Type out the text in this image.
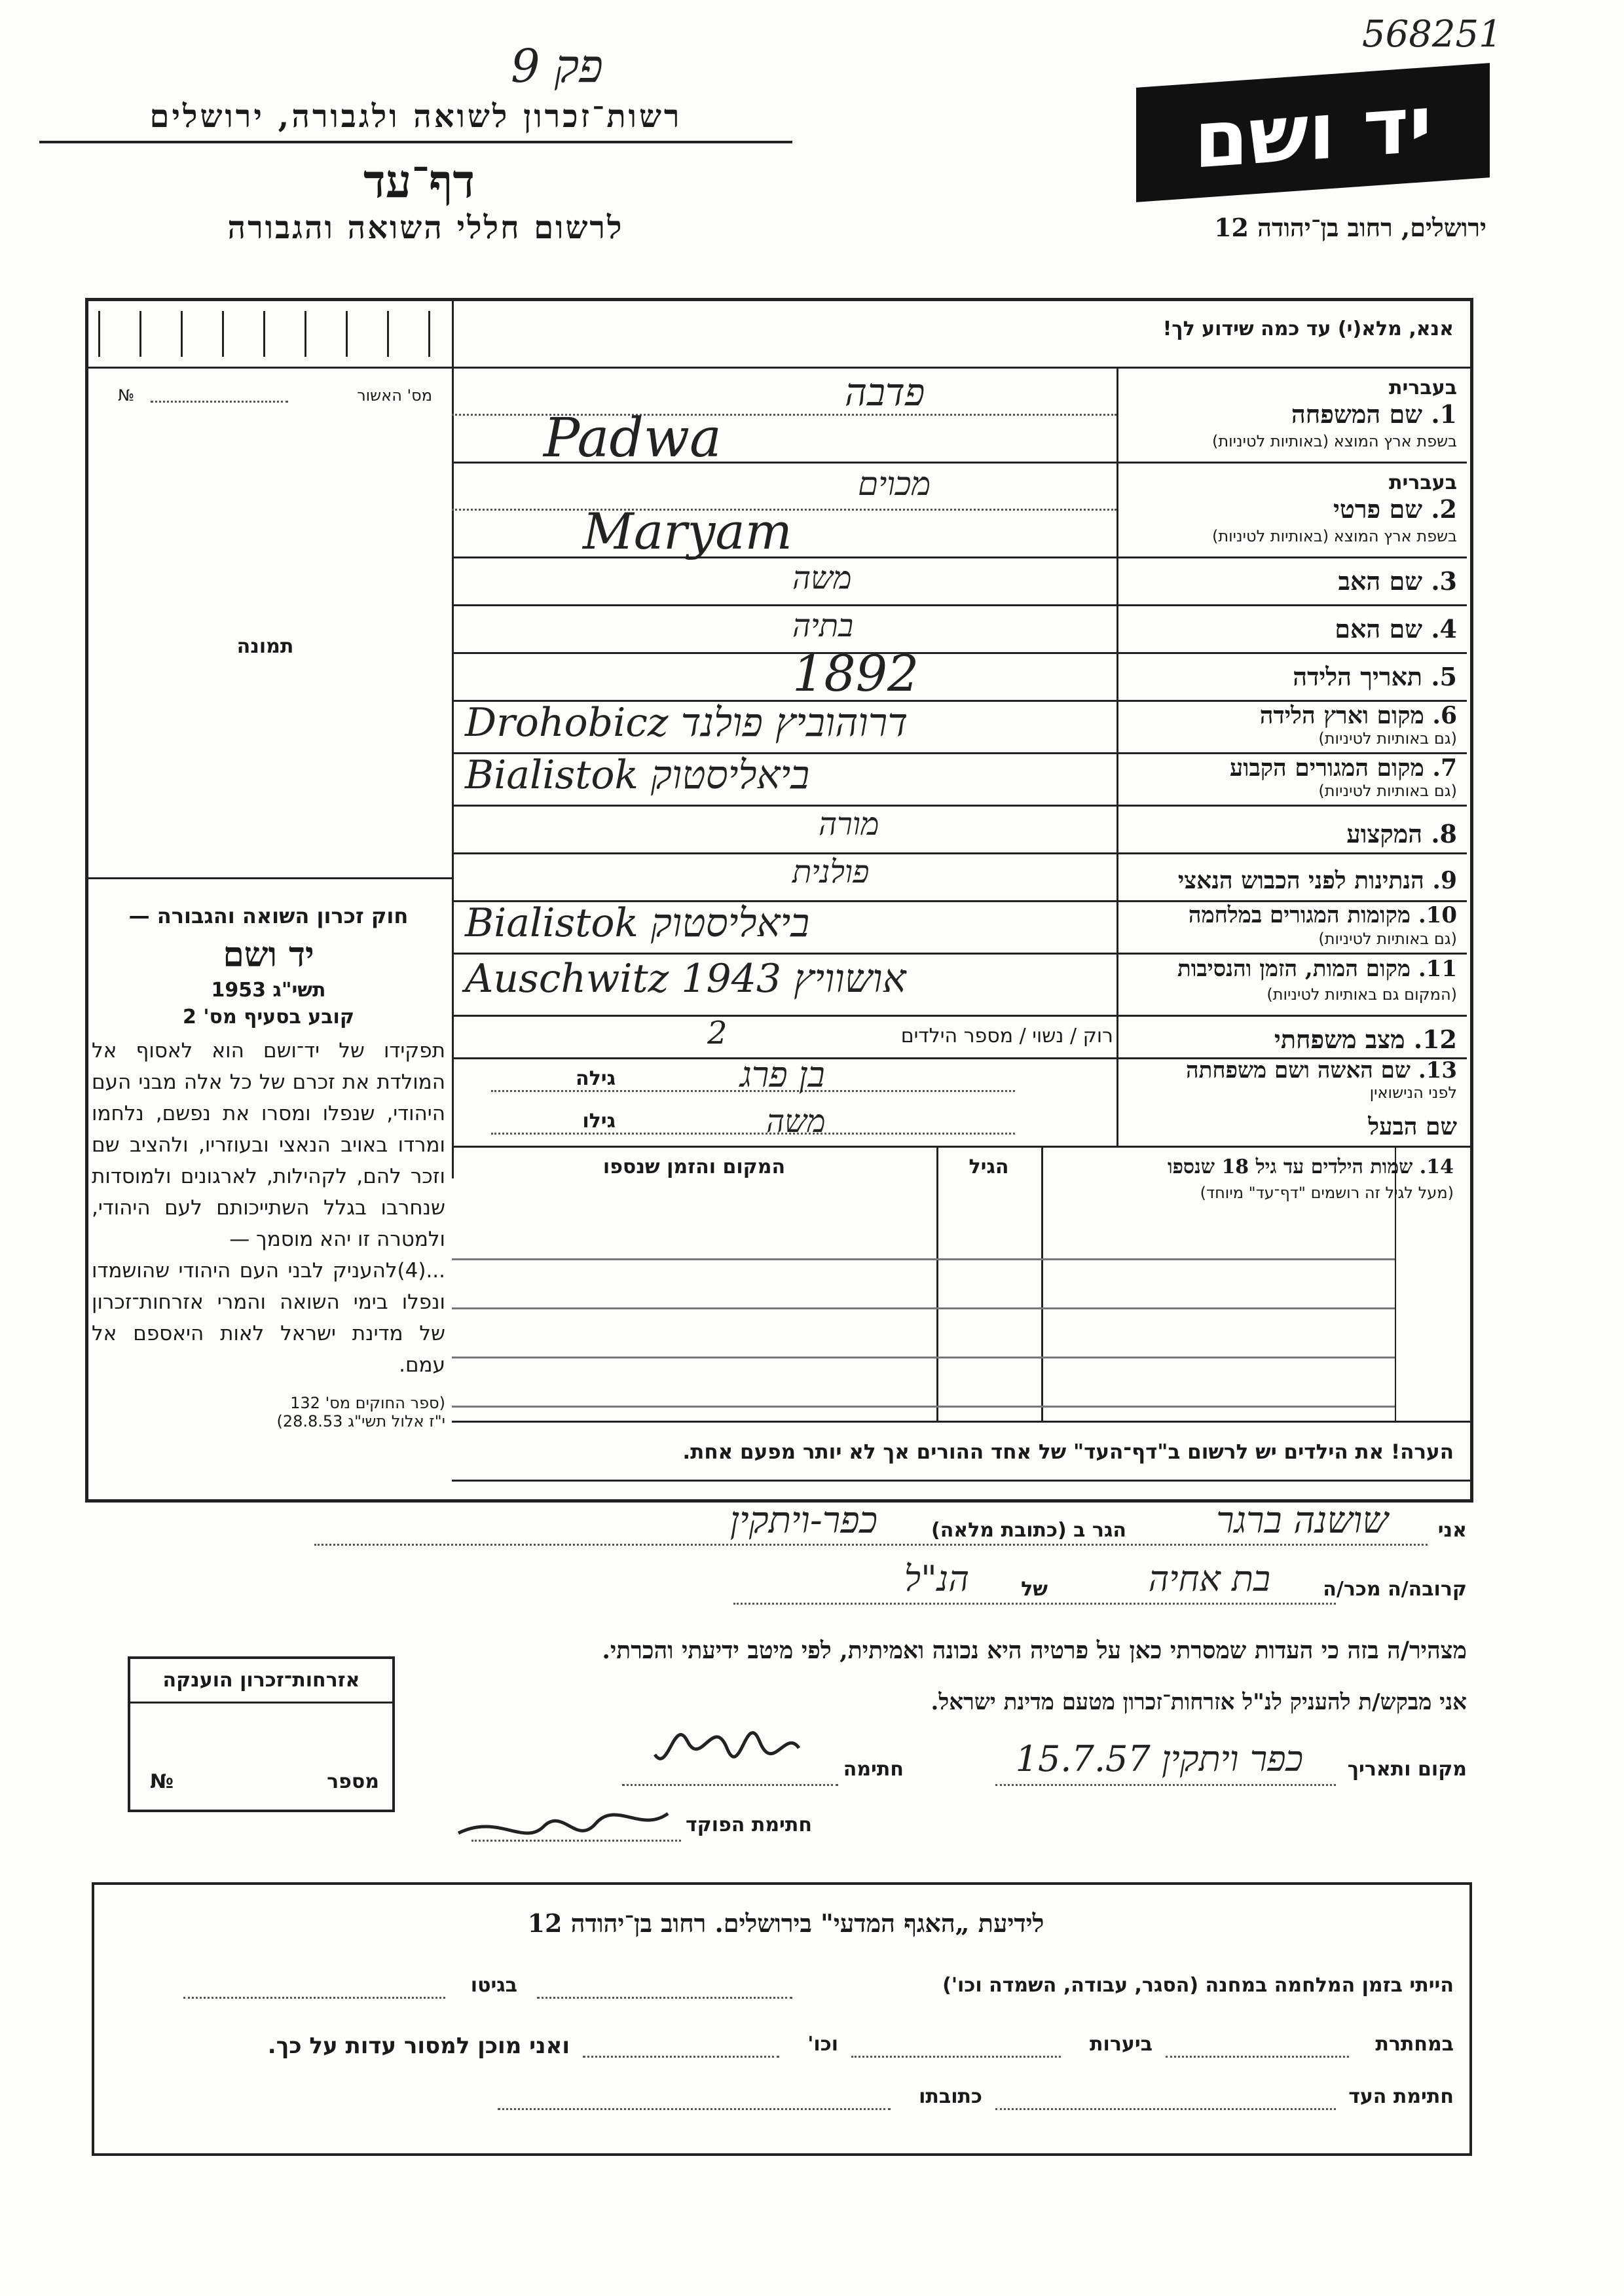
568251
פק 9
רשות־זכרון לשואה ולגבורה, ירושלים
דף־עד
לרשום חללי השואה והגבורה
יד ושם
ירושלים, רחוב בן־יהודה 12
אנא, מלא(י) עד כמה שידוע לך!
מס' האשור
№
תמונה
פדבה
Padwa
בעברית
1. שם המשפחה
בשפת ארץ המוצא (באותיות לטיניות)
מכוים
Maryam
בעברית
2. שם פרטי
בשפת ארץ המוצא (באותיות לטיניות)
משה	3. שם האב
בתיה	4. שם האם
1892	5. תאריך הלידה
Drohobicz דרוהוביץ פולנד	6. מקום וארץ הלידה
(גם באותיות לטיניות)
Bialistok ביאליסטוק	7. מקום המגורים הקבוע
(גם באותיות לטיניות)
מורה	8. המקצוע
פולנית	9. הנתינות לפני הכבוש הנאצי
Bialistok ביאליסטוק	10. מקומות המגורים במלחמה
(גם באותיות לטיניות)
Auschwitz 1943 אושוויץ	11. מקום המות, הזמן והנסיבות
(המקום גם באותיות לטיניות)
רוק / נשוי / מספר הילדים
2	12. מצב משפחתי
גילה	בן פרג	13. שם האשה ושם משפחתה
לפני הנישואין
גילו	משה	שם הבעל
חוק זכרון השואה והגבורה —
יד ושם
תשי"ג 1953
קובע בסעיף מס' 2
תפקידו של יד־ושם הוא לאסוף אל המולדת את זכרם של כל אלה מבני העם היהודי, שנפלו ומסרו את נפשם, נלחמו ומרדו באויב הנאצי ובעוזריו, ולהציב שם וזכר להם, לקהילות, לארגונים ולמוסדות שנחרבו בגלל השתייכותם לעם היהודי, ולמטרה זו יהא מוסמך —
...(4)להעניק לבני העם היהודי שהושמדו ונפלו בימי השואה והמרי אזרחות־זכרון של מדינת ישראל לאות היאספם אל עמם.
(ספר החוקים מס' 132
י"ז אלול תשי"ג 28.8.53)
המקום והזמן שנספו	הגיל	14. שמות הילדים עד גיל 18 שנספו
(מעל לגיל זה רושמים "דף־עד" מיוחד)
הערה! את הילדים יש לרשום ב"דף־העד" של אחד ההורים אך לא יותר מפעם אחת.
אני
שושנה ברגר
הגר ב (כתובת מלאה)
כפר-ויתקין
קרובה/ה מכר/ה
בת אחיה
של
הנ"ל
מצהיר/ה בזה כי העדות שמסרתי כאן על פרטיה היא נכונה ואמיתית, לפי מיטב ידיעתי והכרתי.
אזרחות־זכרון הוענקה
מספר
№
אני מבקש/ת להעניק לנ"ל אזרחות־זכרון מטעם מדינת ישראל.
מקום ותאריך
כפר ויתקין 15.7.57
חתימה
חתימת הפוקד
לידיעת „האגף המדעי" בירושלים. רחוב בן־יהודה 12
הייתי בזמן המלחמה במחנה (הסגר, עבודה, השמדה וכו')
בגיטו
במחתרת
ביערות
וכו'
ואני מוכן למסור עדות על כך.
חתימת העד
כתובתו
